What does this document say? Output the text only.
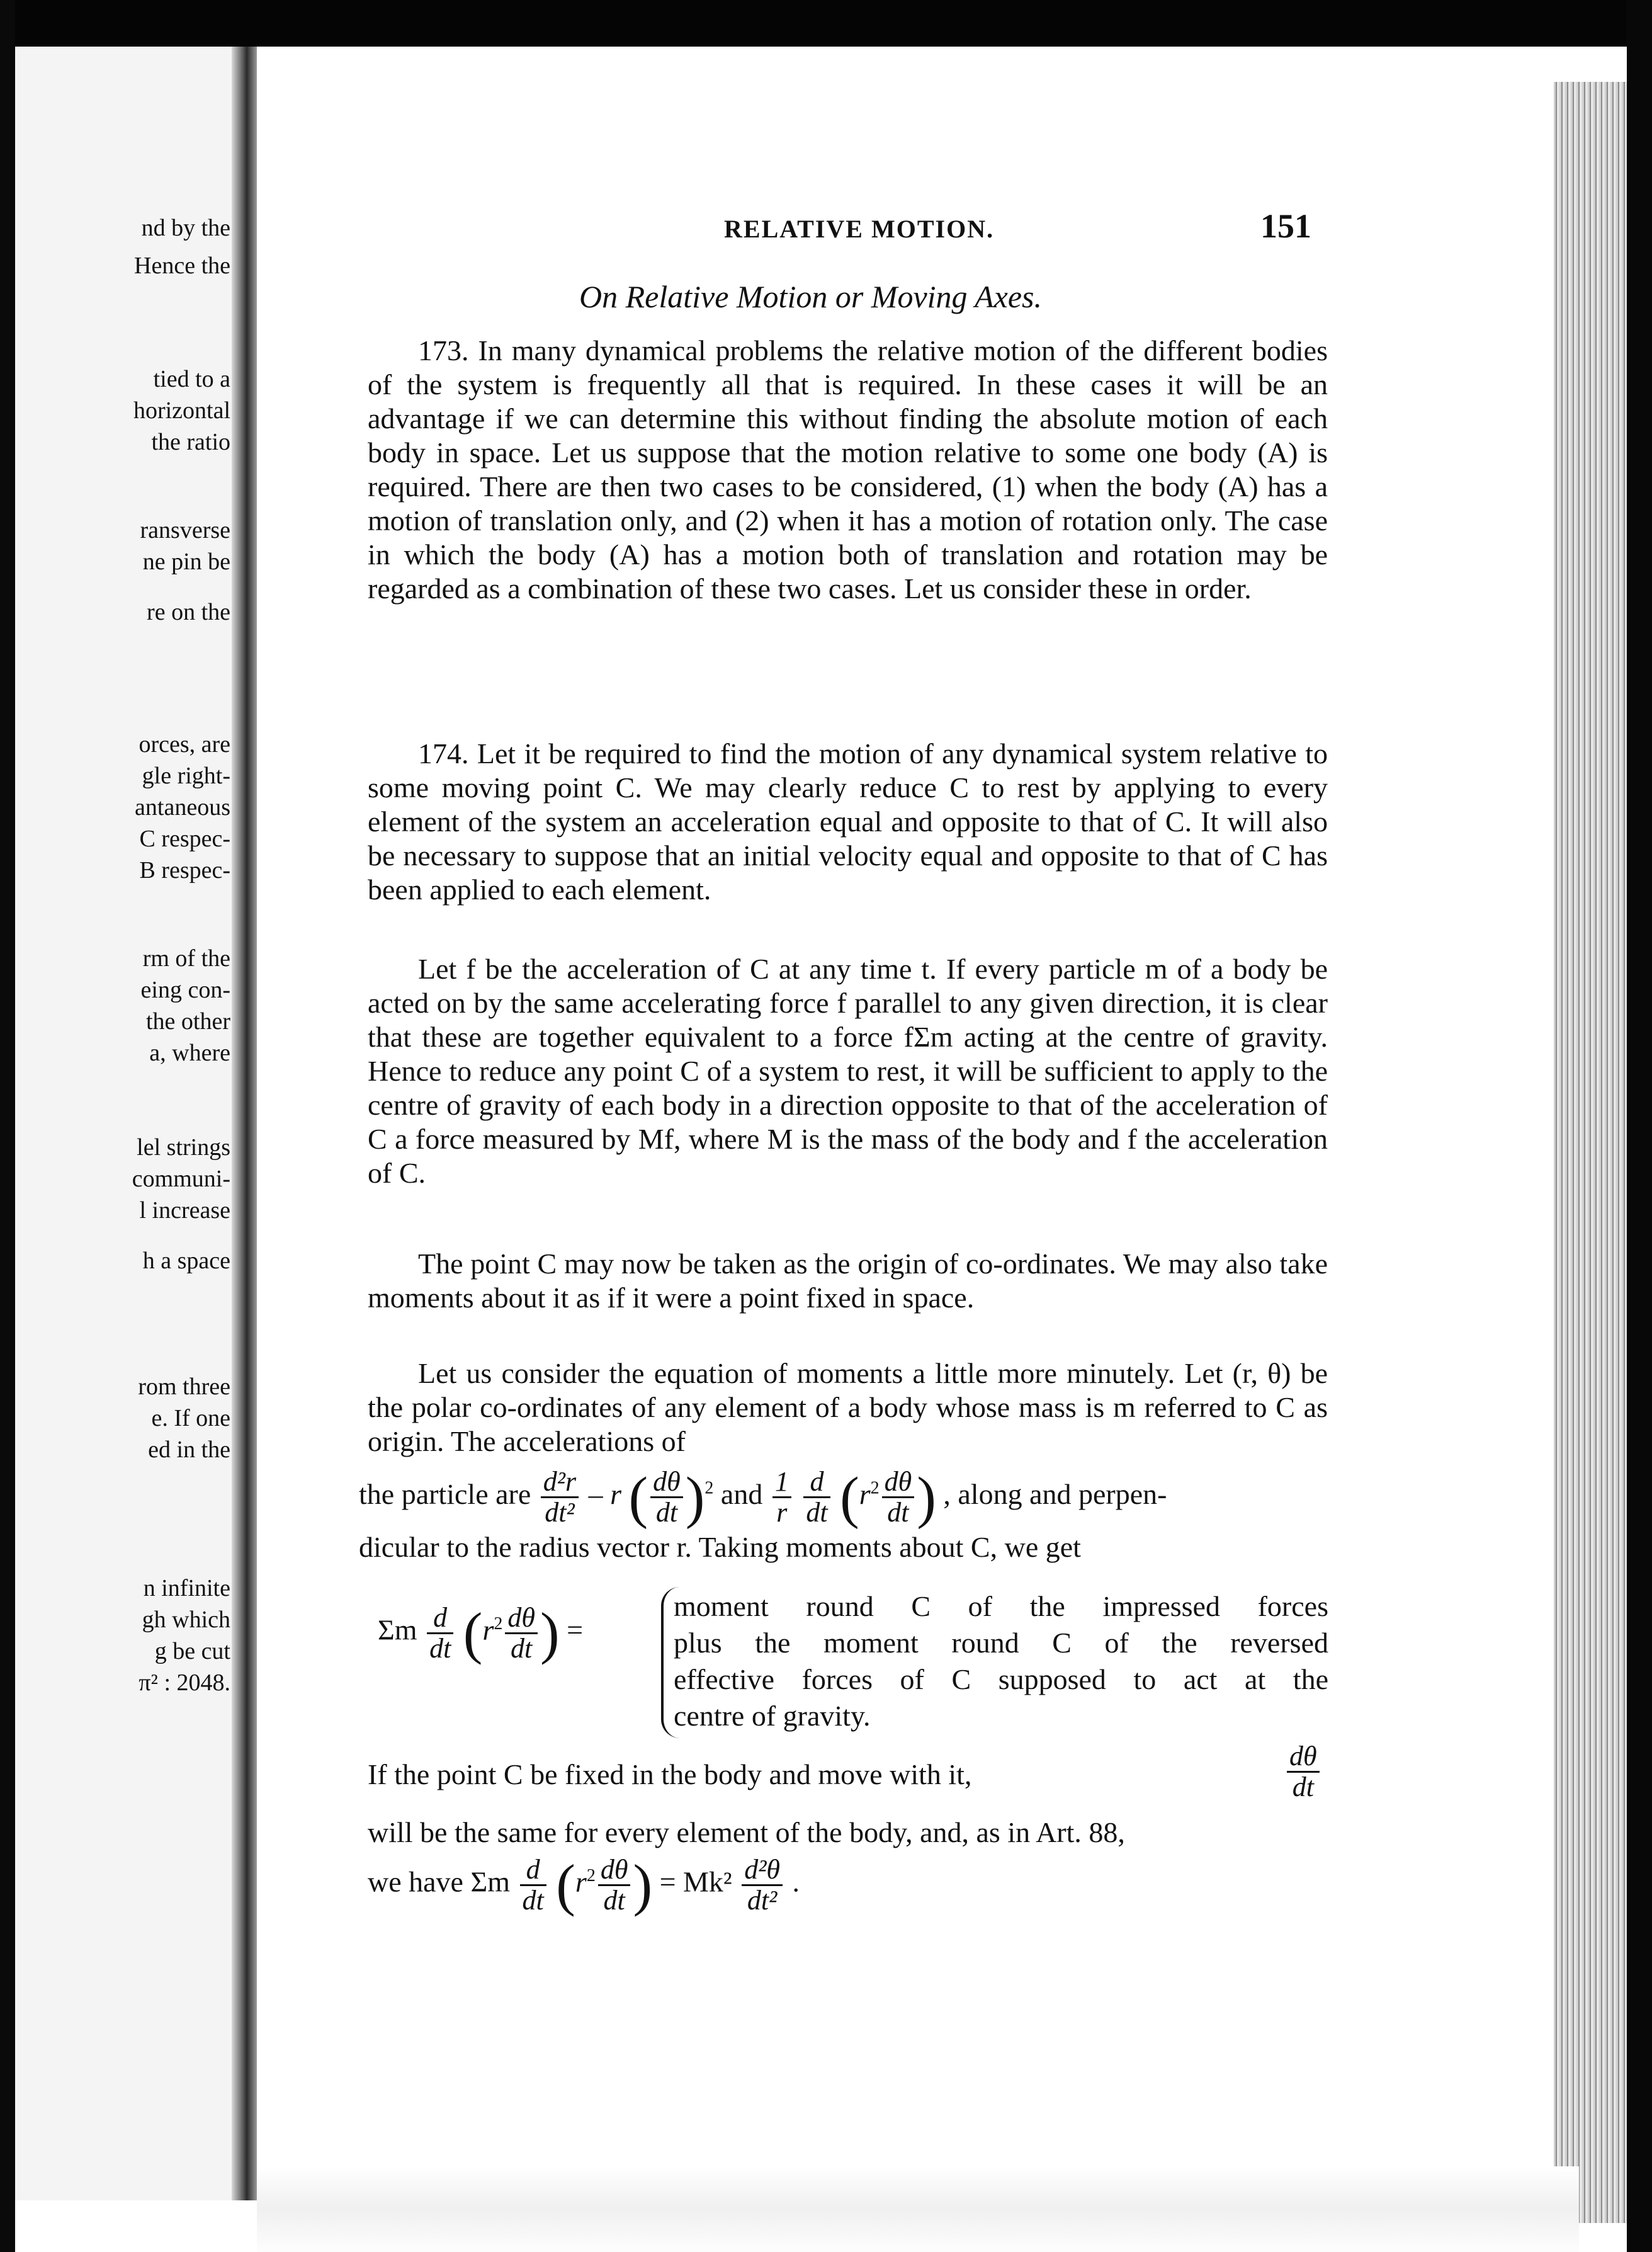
nd by the
Hence the
tied to a
horizontal
the ratio
ransverse
ne pin be
re on the
orces, are
gle right-
antaneous
C respec-
B respec-
rm of the
eing con-
the other
a, where
lel strings
communi-
l increase
h a space
rom three
e. If one
ed in the
n infinite
gh which
g be cut
π² : 2048.
RELATIVE MOTION.	151
On Relative Motion or Moving Axes.

173. In many dynamical problems the relative motion of the different bodies of the system is frequently all that is required. In these cases it will be an advantage if we can determine this without finding the absolute motion of each body in space. Let us suppose that the motion relative to some one body (A) is required. There are then two cases to be considered, (1) when the body (A) has a motion of translation only, and (2) when it has a motion of rotation only. The case in which the body (A) has a motion both of translation and rotation may be regarded as a combination of these two cases. Let us consider these in order.

174. Let it be required to find the motion of any dynamical system relative to some moving point C. We may clearly reduce C to rest by applying to every element of the system an acceleration equal and opposite to that of C. It will also be necessary to suppose that an initial velocity equal and opposite to that of C has been applied to each element.

Let f be the acceleration of C at any time t. If every particle m of a body be acted on by the same accelerating force f parallel to any given direction, it is clear that these are together equivalent to a force fΣm acting at the centre of gravity. Hence to reduce any point C of a system to rest, it will be sufficient to apply to the centre of gravity of each body in a direction opposite to that of the acceleration of C a force measured by Mf, where M is the mass of the body and f the acceleration of C.

The point C may now be taken as the origin of co-ordinates. We may also take moments about it as if it were a point fixed in space.

Let us consider the equation of moments a little more minutely. Let (r, θ) be the polar co-ordinates of any element of a body whose mass is m referred to C as origin. The accelerations of

the particle are $\frac{\text{d²r}}{\text{dt²}}$ – r ( $\frac{d\theta}{dt} )^2$ and $\frac{1}{r}$
$\frac{d}{dt} (r^2 \frac{d\theta}{dt}$ ) , along and perpen-
dicular to the radius vector r. Taking moments about C, we get
Σm $\frac{d}{dt} (r^2 \frac{d\theta}{dt}$ ) =
moment round C of the impressed forces
plus the moment round C of the reversed
effective forces of C supposed to act at the
centre of gravity.
If the point C be fixed in the body and move with it,	$\frac{d\theta}{dt}$
will be the same for every element of the body, and, as in Art. 88,
we have Σm $\frac{d}{dt} (r^2 \frac{d\theta}{dt}$ ) = $Mk^2 \frac{\text{d²θ}}{\text{dt²}}$ .
